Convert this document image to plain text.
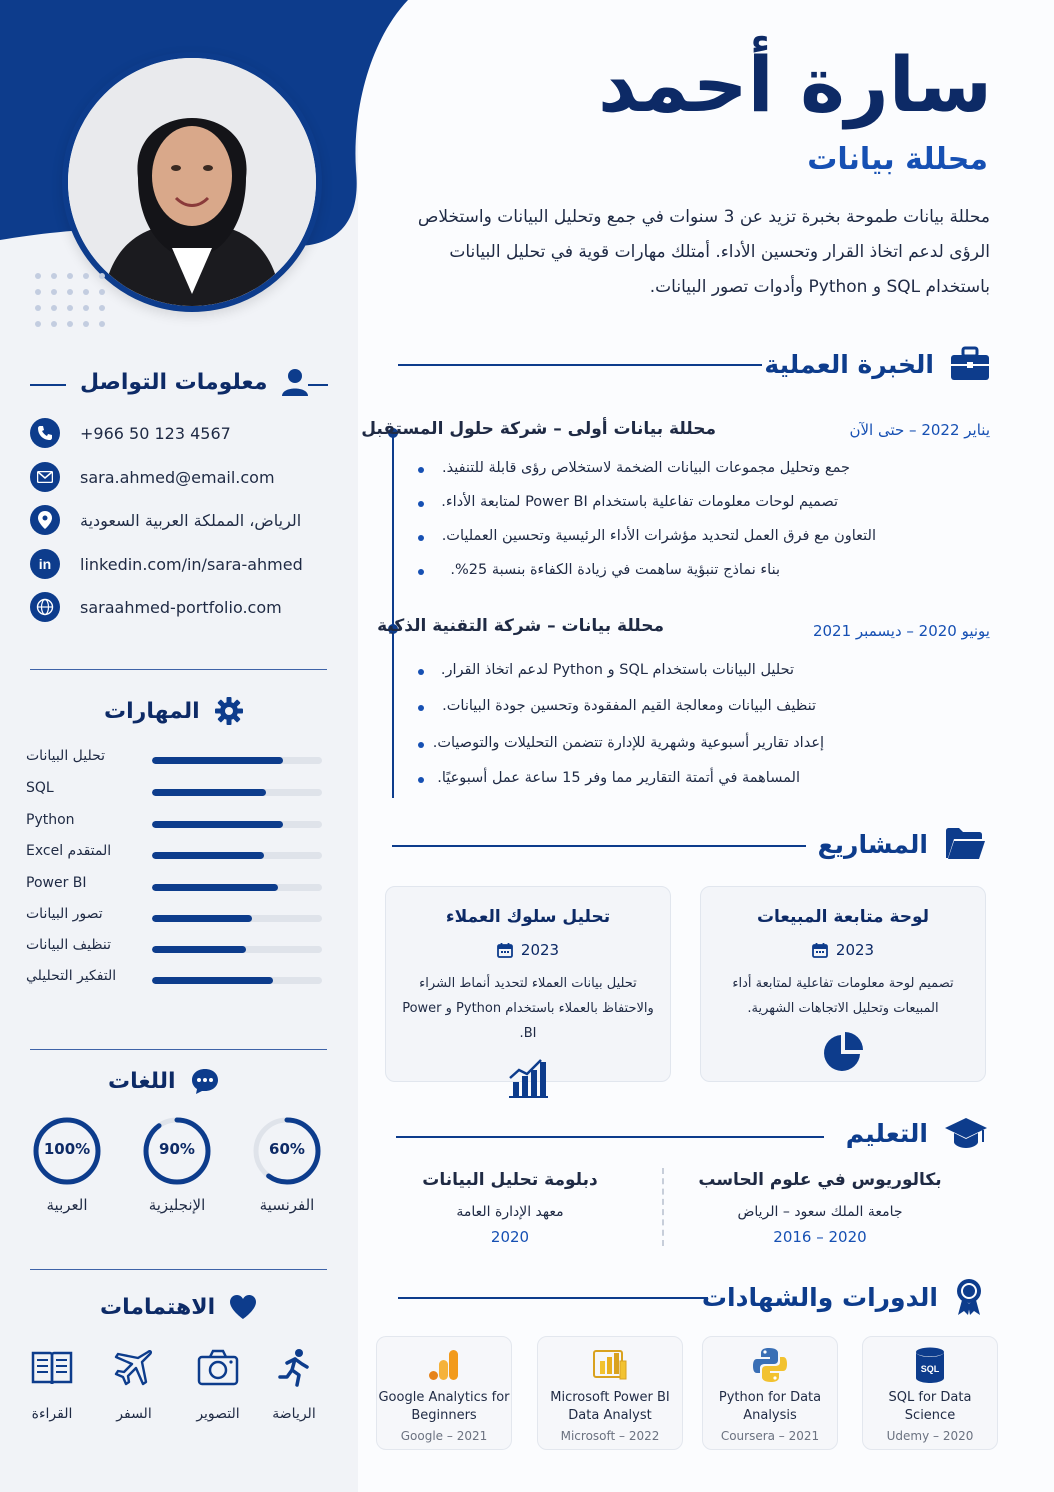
معلومات التواصل
+966 50 123 4567
sara.ahmed@email.com
الرياض، المملكة العربية السعودية
in linkedin.com/in/sara-ahmed
saraahmed-portfolio.com
المهارات
تحليل البيانات
SQL
Python
Excel المتقدم
Power BI
تصور البيانات
تنظيف البيانات
التفكير التحليلي
اللغات
100%
العربية
90%
الإنجليزية
60%
الفرنسية
الاهتمامات
القراءة	السفر	التصوير	الرياضة
سارة أحمد
محللة بيانات
محللة بيانات طموحة بخبرة تزيد عن 3 سنوات في جمع وتحليل البيانات واستخلاص الرؤى لدعم اتخاذ القرار وتحسين الأداء. أمتلك مهارات قوية في تحليل البيانات باستخدام SQL و Python وأدوات تصور البيانات.
الخبرة العملية
محللة بيانات أولى – شركة حلول المستقبل	يناير 2022 – حتى الآن
جمع وتحليل مجموعات البيانات الضخمة لاستخلاص رؤى قابلة للتنفيذ.
تصميم لوحات معلومات تفاعلية باستخدام Power BI لمتابعة الأداء.
التعاون مع فرق العمل لتحديد مؤشرات الأداء الرئيسية وتحسين العمليات.
بناء نماذج تنبؤية ساهمت في زيادة الكفاءة بنسبة 25%.
محللة بيانات – شركة التقنية الذكية	يونيو 2020 – ديسمبر 2021
تحليل البيانات باستخدام SQL و Python لدعم اتخاذ القرار.
تنظيف البيانات ومعالجة القيم المفقودة وتحسين جودة البيانات.
إعداد تقارير أسبوعية وشهرية للإدارة تتضمن التحليلات والتوصيات.
المساهمة في أتمتة التقارير مما وفر 15 ساعة عمل أسبوعيًا.
المشاريع
لوحة متابعة المبيعات
2023
تصميم لوحة معلومات تفاعلية لمتابعة أداء المبيعات وتحليل الاتجاهات الشهرية.
تحليل سلوك العملاء
2023
تحليل بيانات العملاء لتحديد أنماط الشراء والاحتفاظ بالعملاء باستخدام Python و Power BI.
التعليم
بكالوريوس في علوم الحاسب
جامعة الملك سعود – الرياض
2016 – 2020
دبلومة تحليل البيانات
معهد الإدارة العامة
2020
الدورات والشهادات
SQL
SQL for Data Science
Udemy – 2020
Python for Data Analysis
Coursera – 2021
Microsoft Power BI Data Analyst
Microsoft – 2022
Google Analytics for Beginners
Google – 2021
